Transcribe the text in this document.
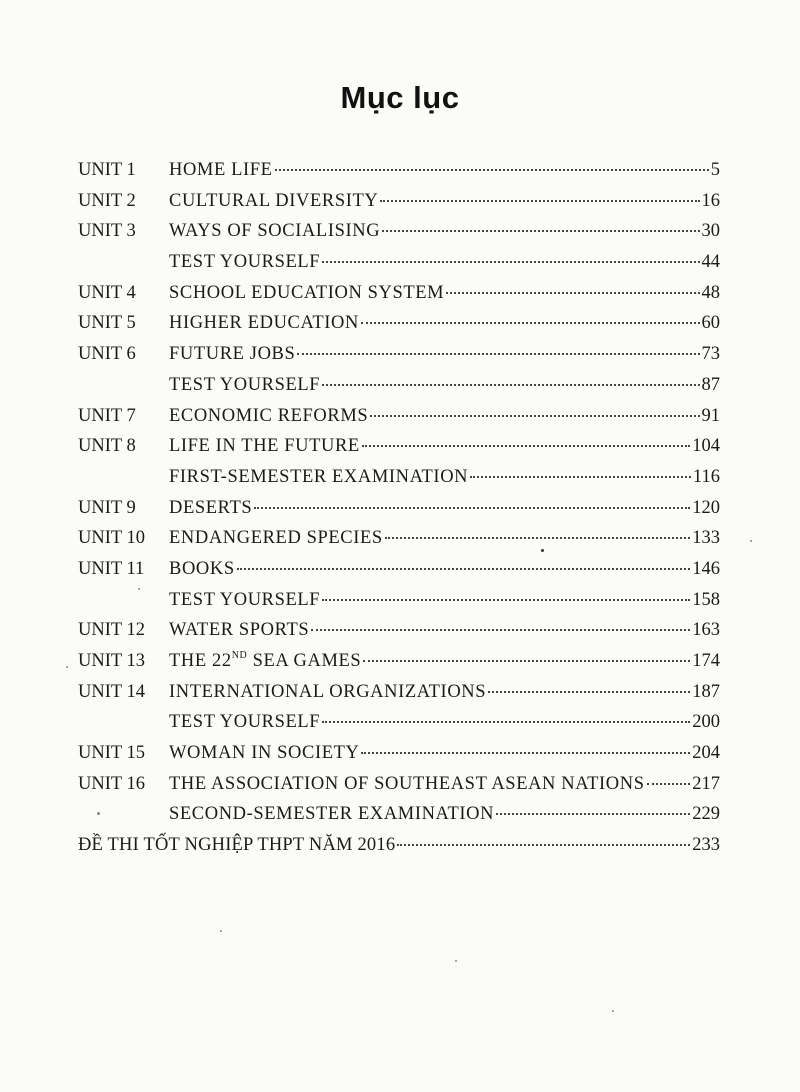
Mục lục
UNIT 1	HOME LIFE	5
UNIT 2	CULTURAL DIVERSITY	16
UNIT 3	WAYS OF SOCIALISING	30
TEST YOURSELF	44
UNIT 4	SCHOOL EDUCATION SYSTEM	48
UNIT 5	HIGHER EDUCATION	60
UNIT 6	FUTURE JOBS	73
TEST YOURSELF	87
UNIT 7	ECONOMIC REFORMS	91
UNIT 8	LIFE IN THE FUTURE	104
FIRST-SEMESTER EXAMINATION	116
UNIT 9	DESERTS	120
UNIT 10	ENDANGERED SPECIES	133
UNIT 11	BOOKS	146
TEST YOURSELF	158
UNIT 12	WATER SPORTS	163
UNIT 13	THE 22ND SEA GAMES	174
UNIT 14	INTERNATIONAL ORGANIZATIONS	187
TEST YOURSELF	200
UNIT 15	WOMAN IN SOCIETY	204
UNIT 16	THE ASSOCIATION OF SOUTHEAST ASEAN NATIONS	217
SECOND-SEMESTER EXAMINATION	229
ĐỀ THI TỐT NGHIỆP THPT NĂM 2016	233
